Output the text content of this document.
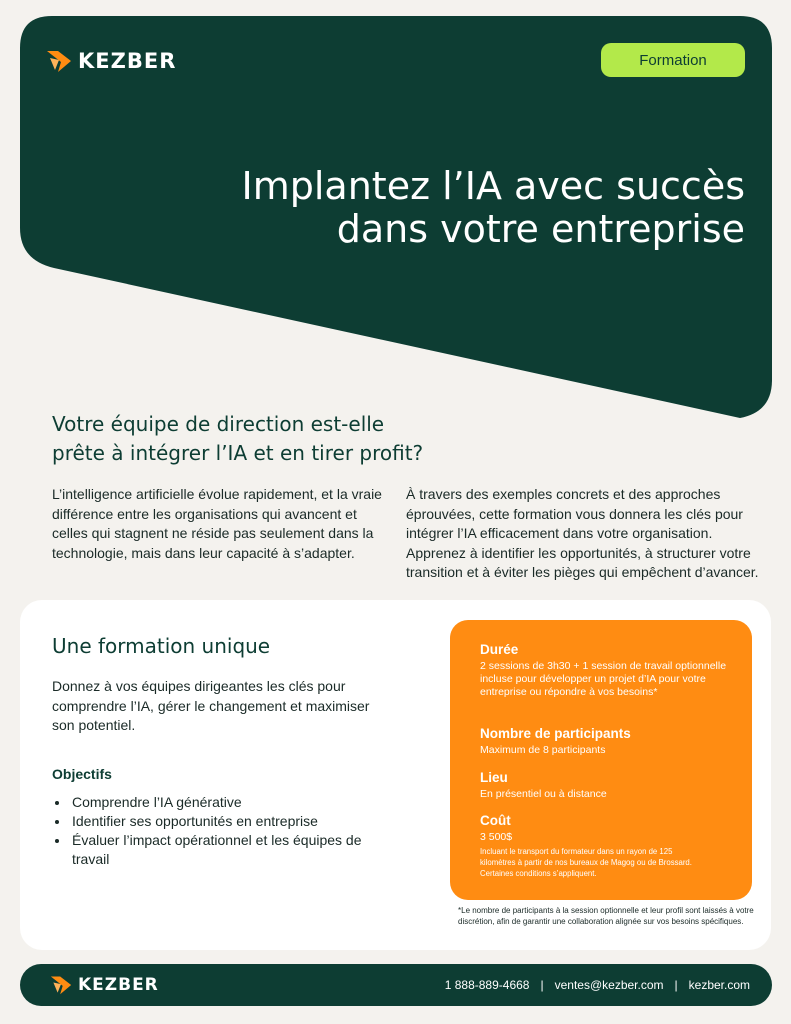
KEZBER	Formation
Implantez l’IA avec succès
dans votre entreprise
Votre équipe de direction est-elle
prête à intégrer l’IA et en tirer profit?

L’intelligence artificielle évolue rapidement, et la vraie différence entre les organisations qui avancent et celles qui stagnent ne réside pas seulement dans la technologie, mais dans leur capacité à s’adapter.

À travers des exemples concrets et des approches éprouvées, cette formation vous donnera les clés pour intégrer l’IA efficacement dans votre organisation. Apprenez à identifier les opportunités, à structurer votre transition et à éviter les pièges qui empêchent d’avancer.

Une formation unique

Donnez à vos équipes dirigeantes les clés pour comprendre l’IA, gérer le changement et maximiser son potentiel.

Objectifs

• Comprendre l’IA générative
• Identifier ses opportunités en entreprise
• Évaluer l’impact opérationnel et les équipes de travail

Durée

2 sessions de 3h30 + 1 session de travail optionnelle incluse pour développer un projet d’IA pour votre entreprise ou répondre à vos besoins*

Nombre de participants

Maximum de 8 participants

Lieu

En présentiel ou à distance

Coût

3 500$

Incluant le transport du formateur dans un rayon de 125 kilomètres à partir de nos bureaux de Magog ou de Brossard. Certaines conditions s’appliquent.

*Le nombre de participants à la session optionnelle et leur profil sont laissés à votre discrétion, afin de garantir une collaboration alignée sur vos besoins spécifiques.

KEZBER	1 888-889-4668 | ventes@kezber.com | kezber.com
